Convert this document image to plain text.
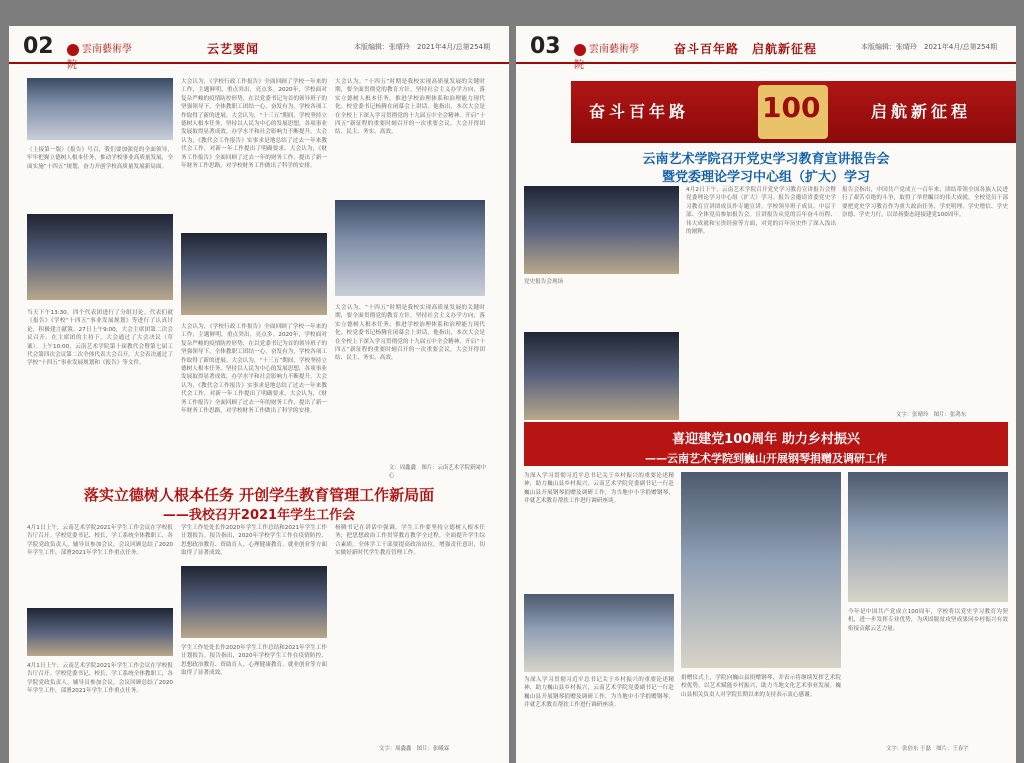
02	雲南藝術學院
云艺要闻	本版编辑：张晴玲　2021年4月/总第254期
（上接第一版）《报告》号召，我们要加强党的全面领导，牢牢把握立德树人根本任务，推动学校事业高质量发展，全面实施“十四五”规划，奋力开创学校高质量发展新局面。
当天下午13:30，四个代表团进行了分组讨论。代表们就《报告》《学校“十四五”事业发展规划》等进行了认真讨论，积极建言献策。27日上午9:00，大会主席团第二次会议召开。在主席团的主持下，大会通过了大会决议（草案）。上午10:00，云南艺术学院第十届教代会暨第七届工代会第四次会议第二次全体代表大会召开。大会表决通过了学校“十四五”事业发展规划和《报告》等文件。
大会认为，《学校行政工作报告》全面回顾了学校一年来的工作，主题鲜明，重点突出，亮点多。2020年，学校面对复杂严峻的疫情防控形势，在以党委书记为首的领导班子的坚强领导下，全体教职工团结一心，奋发有为，学校各项工作取得了新的进展。大会认为，“十三五”期间，学校坚持立德树人根本任务，坚持以人民为中心的发展思想，各项事业发展取得显著成效，办学水平和社会影响力不断提升。大会认为，《教代会工作报告》实事求是地总结了过去一年来教代会工作，对新一年工作提出了明确要求。大会认为，《财务工作报告》全面回顾了过去一年的财务工作，提出了新一年财务工作思路，对学校财务工作做出了科学的安排。
大会认为，《学校行政工作报告》全面回顾了学校一年来的工作，主题鲜明，重点突出，亮点多。2020年，学校面对复杂严峻的疫情防控形势，在以党委书记为首的领导班子的坚强领导下，全体教职工团结一心，奋发有为，学校各项工作取得了新的进展。大会认为，“十三五”期间，学校坚持立德树人根本任务，坚持以人民为中心的发展思想，各项事业发展取得显著成效，办学水平和社会影响力不断提升。大会认为，《教代会工作报告》实事求是地总结了过去一年来教代会工作，对新一年工作提出了明确要求。大会认为，《财务工作报告》全面回顾了过去一年的财务工作，提出了新一年财务工作思路，对学校财务工作做出了科学的安排。
大会认为，“十四五”时期是我校实现高质量发展的关键时期，要全面贯彻党的教育方针，坚持社会主义办学方向，落实立德树人根本任务，推进学校治理体系和治理能力现代化。校党委书记杨腾在闭幕会上讲话。他指出，本次大会是在全校上下深入学习贯彻党的十九届五中全会精神、开启“十四五”新征程的重要时刻召开的一次重要会议。大会开得团结、民主、务实、高效。
大会认为，“十四五”时期是我校实现高质量发展的关键时期，要全面贯彻党的教育方针，坚持社会主义办学方向，落实立德树人根本任务，推进学校治理体系和治理能力现代化。校党委书记杨腾在闭幕会上讲话。他指出，本次大会是在全校上下深入学习贯彻党的十九届五中全会精神、开启“十四五”新征程的重要时刻召开的一次重要会议。大会开得团结、民主、务实、高效。
文：周鑫鑫　图片：云南艺术学院新闻中心
落实立德树人根本任务 开创学生教育管理工作新局面
——我校召开2021年学生工作会
4月1日上午，云南艺术学院2021年学生工作会议在学校报告厅召开。学校党委书记、校长，学工系统全体教职工，各学院党政负责人，辅导员参加会议。会议回顾总结了2020年学生工作，部署2021年学生工作重点任务。
4月1日上午，云南艺术学院2021年学生工作会议在学校报告厅召开。学校党委书记、校长，学工系统全体教职工，各学院党政负责人，辅导员参加会议。会议回顾总结了2020年学生工作，部署2021年学生工作重点任务。
学生工作处处长作2020年学生工作总结和2021年学生工作计划报告。报告指出，2020年学校学生工作在疫情防控、思想政治教育、资助育人、心理健康教育、就业创业等方面取得了显著成效。
学生工作处处长作2020年学生工作总结和2021年学生工作计划报告。报告指出，2020年学校学生工作在疫情防控、思想政治教育、资助育人、心理健康教育、就业创业等方面取得了显著成效。
杨腾书记在讲话中强调，学生工作要坚持立德树人根本任务，把思想政治工作贯穿教育教学全过程，全面提升学生综合素质。全体学工干部要提高政治站位，增强责任意识，切实做好新时代学生教育管理工作。
文字：周鑫鑫　图片：张曦霖
03	雲南藝術學院
奋斗百年路　启航新征程	本版编辑：张晴玲　2021年4月/总第254期
奋斗百年路	100	启航新征程
云南艺术学院召开党史学习教育宣讲报告会
暨党委理论学习中心组（扩大）学习
党史报告会现场
4月2日下午，云南艺术学院召开党史学习教育宣讲报告会暨党委理论学习中心组（扩大）学习。报告会邀请省委党史学习教育宣讲团成员作专题宣讲。学校领导班子成员、中层干部、全体党员参加报告会。宣讲报告从党的百年奋斗历程、伟大成就和宝贵经验等方面，对党的百年历史作了深入浅出的阐释。
报告会指出，中国共产党成立一百年来，团结带领全国各族人民进行了艰苦卓绝的斗争，取得了举世瞩目的伟大成就。全校党员干部要把党史学习教育作为重大政治任务，学史明理、学史增信、学史崇德、学史力行，以昂扬姿态迎接建党100周年。
文字：张晴玲　图片：张鸿东
喜迎建党100周年 助力乡村振兴
——云南艺术学院到巍山开展钢琴捐赠及调研工作
为深入学习贯彻习近平总书记关于乡村振兴的重要论述精神，助力巍山县乡村振兴，云南艺术学院党委副书记一行赴巍山县开展钢琴捐赠及调研工作，为当地中小学捐赠钢琴，并就艺术教育帮扶工作进行调研座谈。
为深入学习贯彻习近平总书记关于乡村振兴的重要论述精神，助力巍山县乡村振兴，云南艺术学院党委副书记一行赴巍山县开展钢琴捐赠及调研工作，为当地中小学捐赠钢琴，并就艺术教育帮扶工作进行调研座谈。
捐赠仪式上，学院向巍山县捐赠钢琴，并表示将继续发挥艺术院校优势，以艺术赋能乡村振兴，助力当地文化艺术事业发展。巍山县相关负责人对学院长期以来的支持表示衷心感谢。
今年是中国共产党成立100周年，学校将以党史学习教育为契机，进一步发挥专业优势，为巩固脱贫攻坚成果同乡村振兴有效衔接贡献云艺力量。
文字：张倍东 于磊　图片：王春宇
